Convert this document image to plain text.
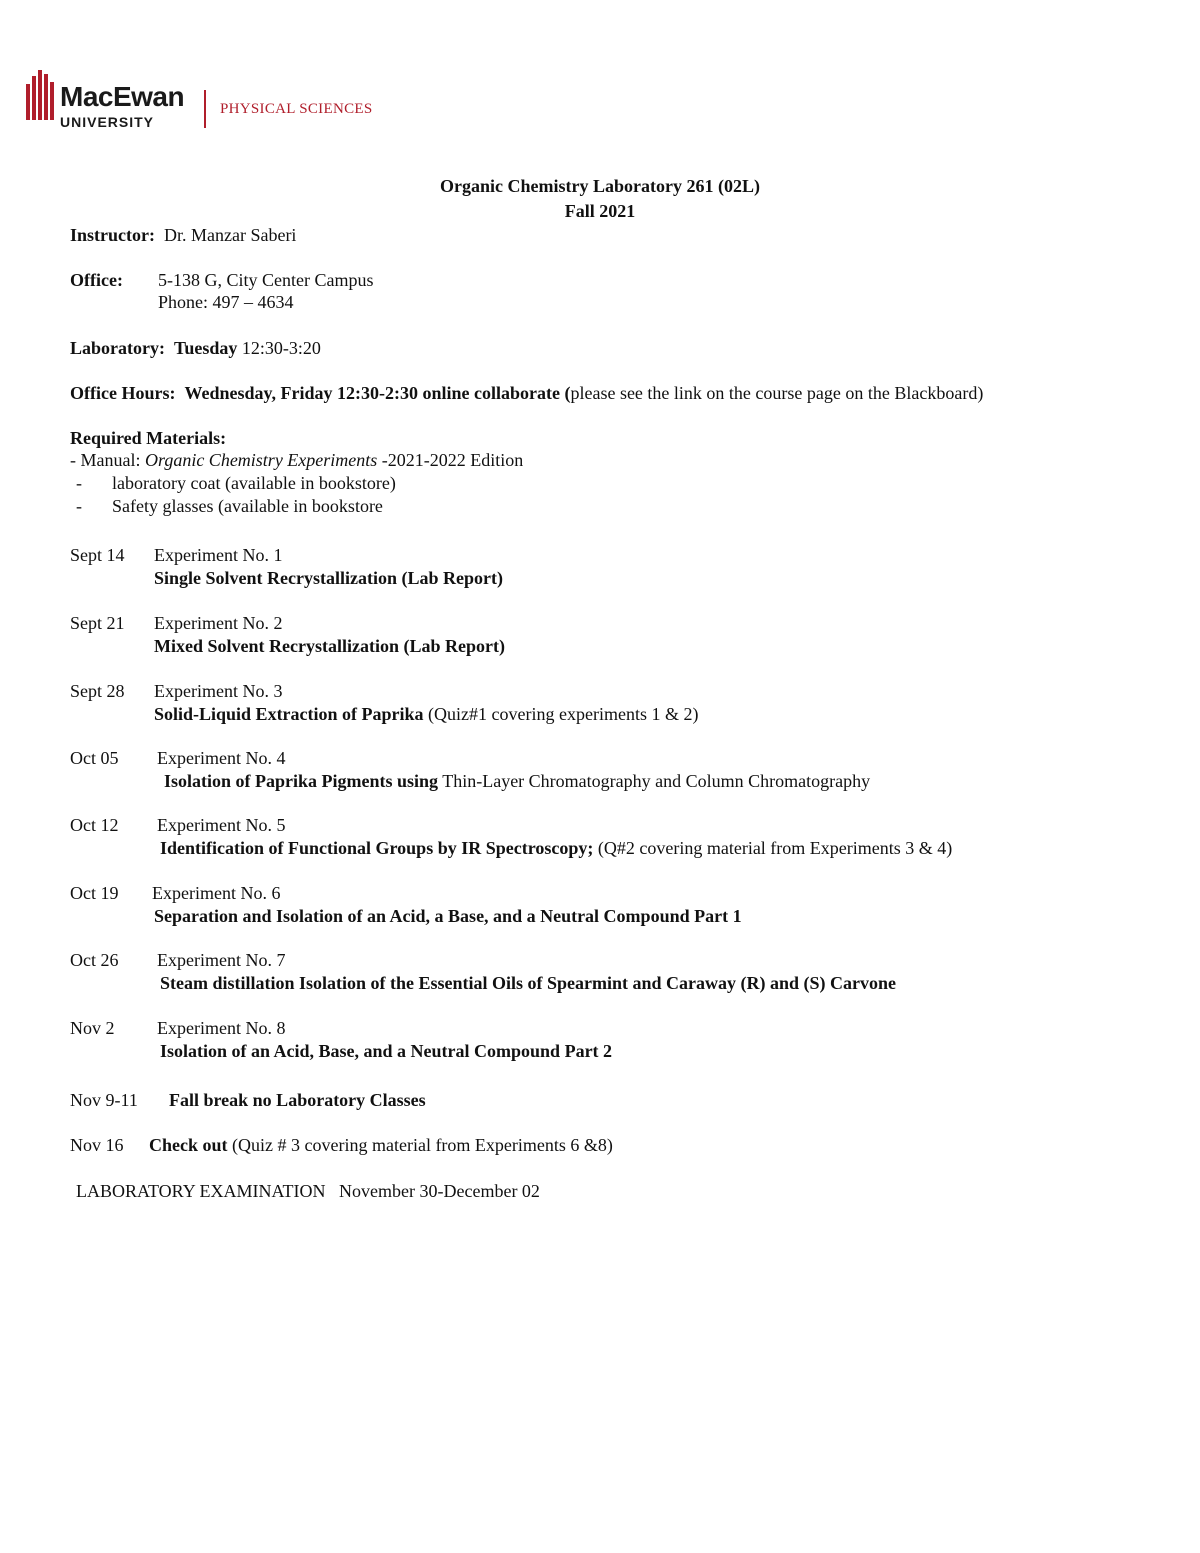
MacEwan
UNIVERSITY
PHYSICAL SCIENCES
Organic Chemistry Laboratory 261 (02L)
Fall 2021
Instructor: Dr. Manzar Saberi
Office: 5-138 G, City Center Campus
Phone: 497 – 4634
Laboratory: Tuesday 12:30-3:20
Office Hours: Wednesday, Friday 12:30-2:30 online collaborate (please see the link on the course page on the Blackboard)
Required Materials:
- Manual: Organic Chemistry Experiments -2021-2022 Edition
- laboratory coat (available in bookstore)
- Safety glasses (available in bookstore
Sept 14 Experiment No. 1
Single Solvent Recrystallization (Lab Report)
Sept 21 Experiment No. 2
Mixed Solvent Recrystallization (Lab Report)
Sept 28 Experiment No. 3
Solid-Liquid Extraction of Paprika (Quiz#1 covering experiments 1 & 2)
Oct 05 Experiment No. 4
Isolation of Paprika Pigments using Thin-Layer Chromatography and Column Chromatography
Oct 12 Experiment No. 5
Identification of Functional Groups by IR Spectroscopy; (Q#2 covering material from Experiments 3 & 4)
Oct 19 Experiment No. 6
Separation and Isolation of an Acid, a Base, and a Neutral Compound Part 1
Oct 26 Experiment No. 7
Steam distillation Isolation of the Essential Oils of Spearmint and Caraway (R) and (S) Carvone
Nov 2 Experiment No. 8
Isolation of an Acid, Base, and a Neutral Compound Part 2
Nov 9-11 Fall break no Laboratory Classes
Nov 16 Check out (Quiz # 3 covering material from Experiments 6 &8)
LABORATORY EXAMINATION November 30-December 02
